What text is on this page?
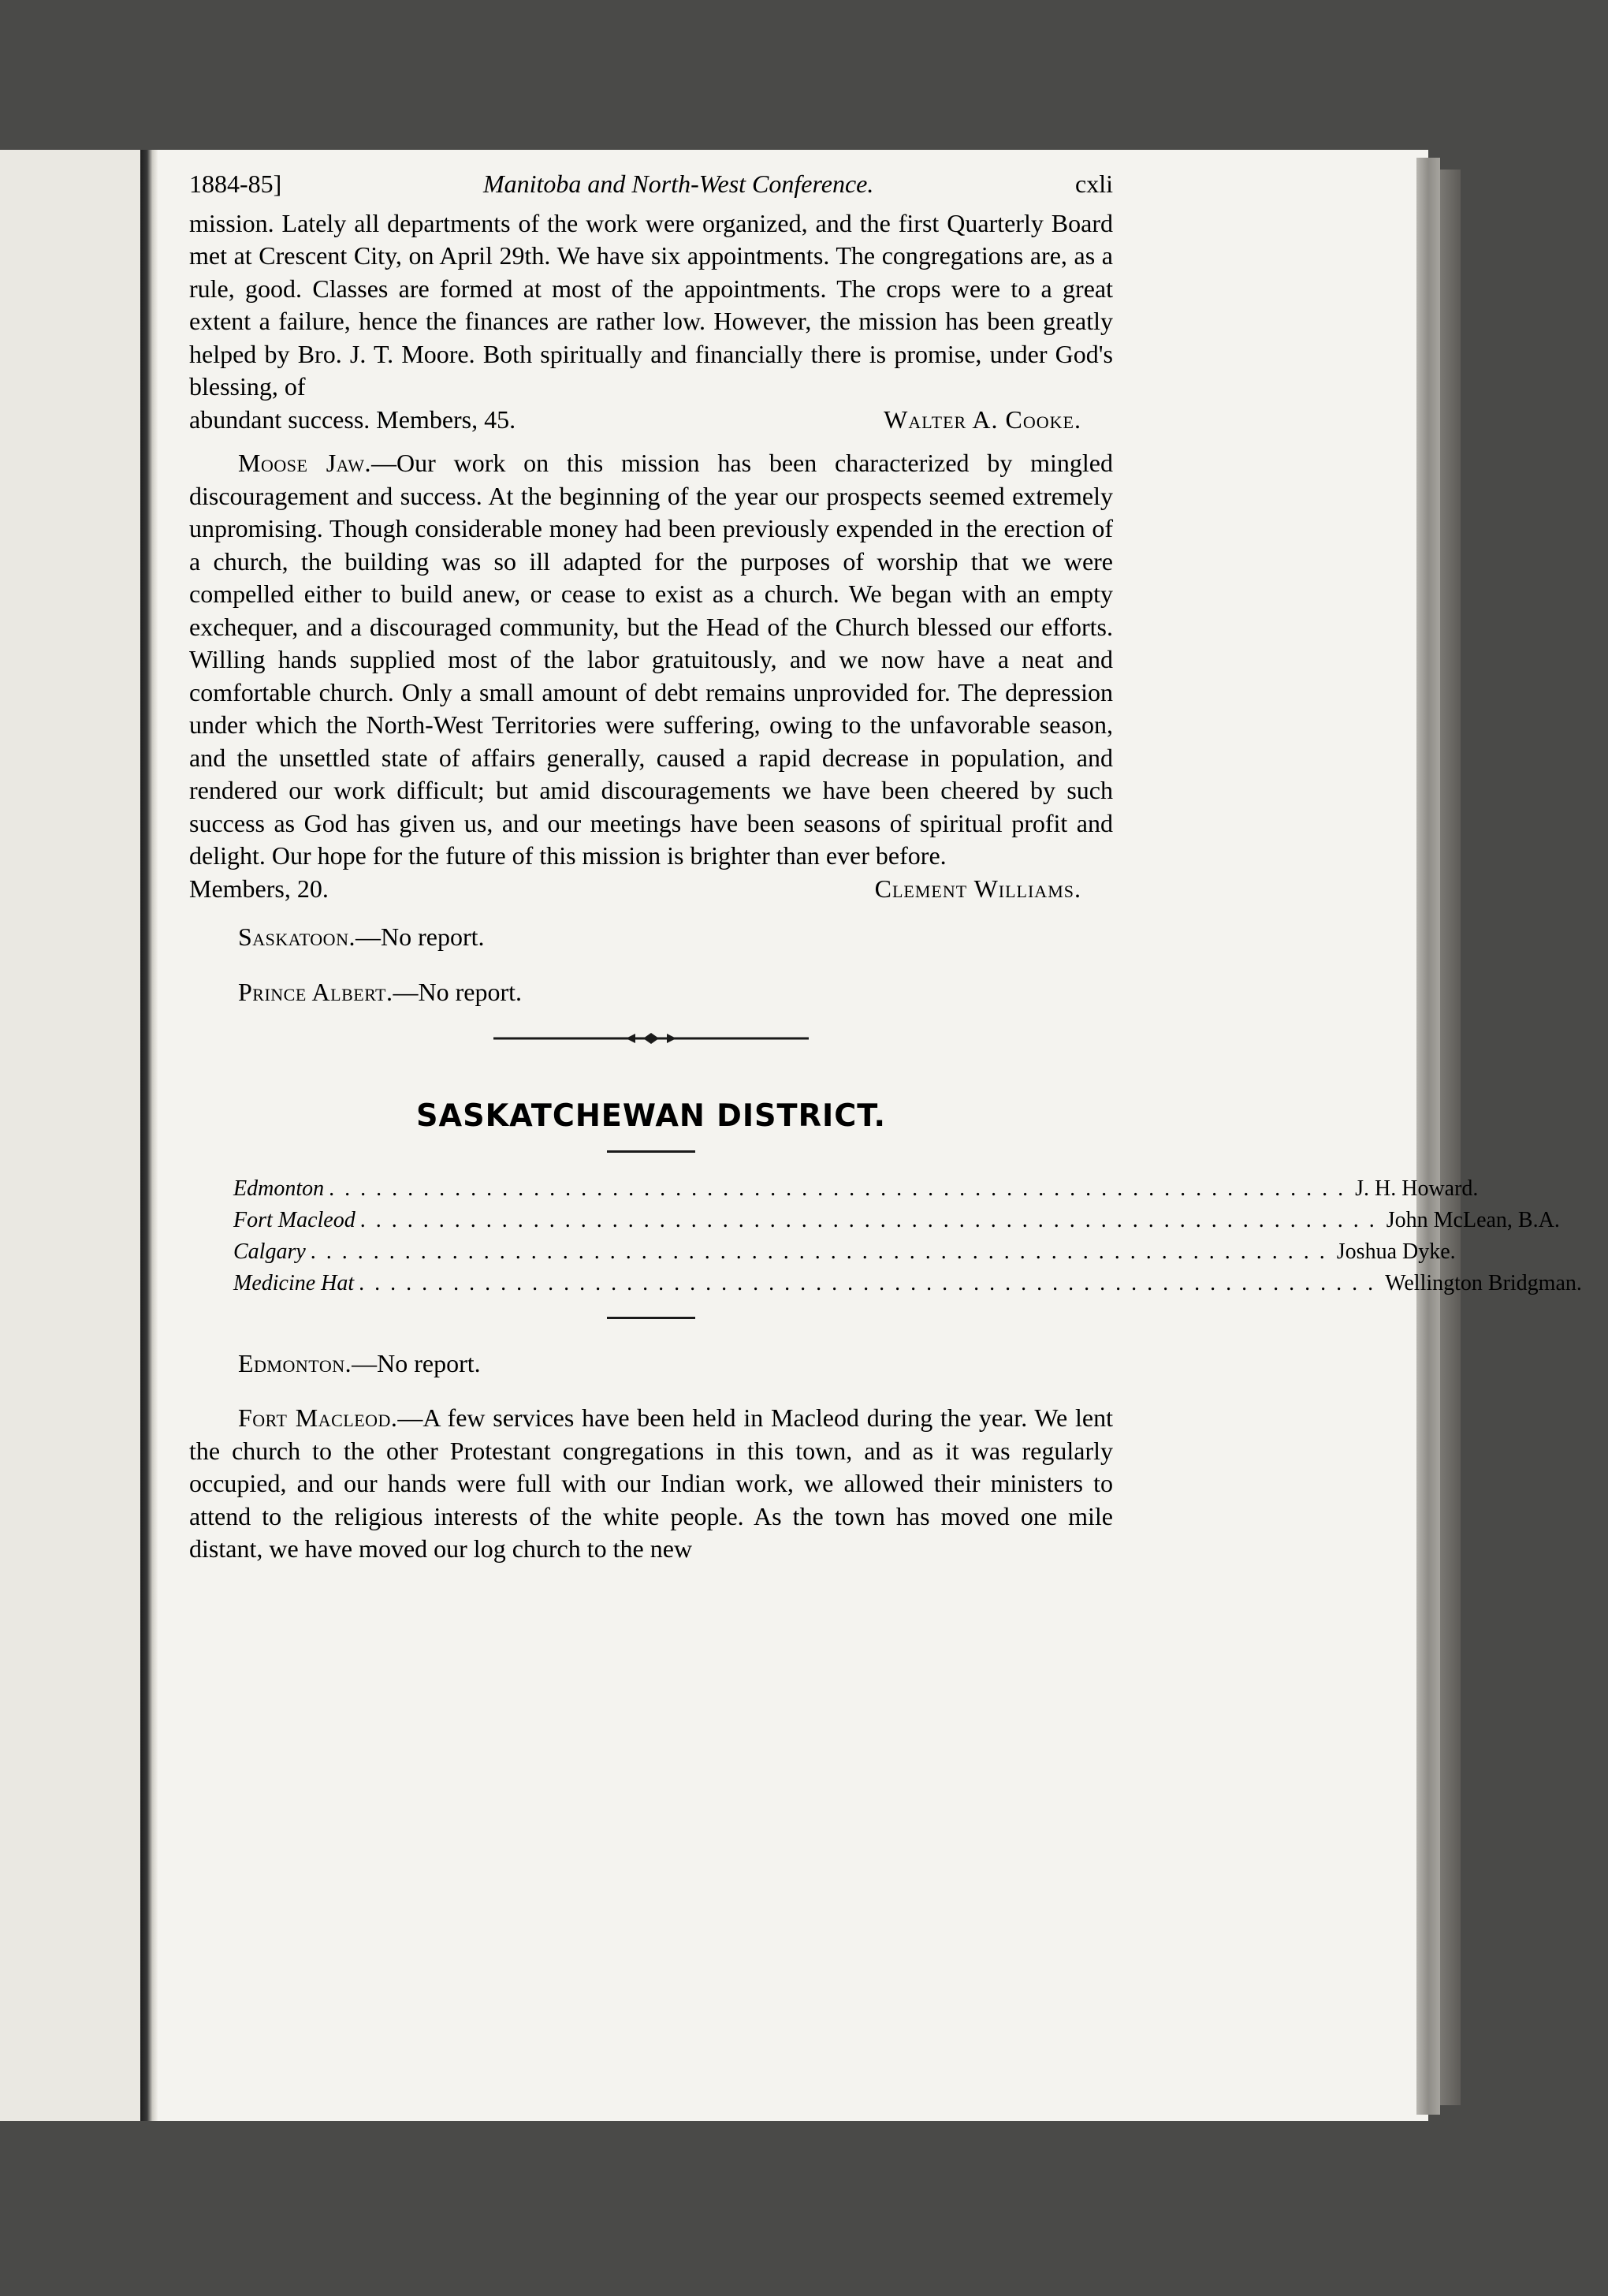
1884-85]	Manitoba and North-West Conference.	cxli
mission. Lately all departments of the work were organized, and the first Quarterly Board met at Crescent City, on April 29th. We have six appointments. The congregations are, as a rule, good. Classes are formed at most of the appointments. The crops were to a great extent a failure, hence the finances are rather low. However, the mission has been greatly helped by Bro. J. T. Moore. Both spiritually and financially there is promise, under God's blessing, of
abundant success. Members, 45.	Walter A. Cooke.
Moose Jaw.—Our work on this mission has been characterized by mingled discouragement and success. At the beginning of the year our prospects seemed extremely unpromising. Though considerable money had been previously expended in the erection of a church, the building was so ill adapted for the purposes of worship that we were compelled either to build anew, or cease to exist as a church. We began with an empty exchequer, and a discouraged community, but the Head of the Church blessed our efforts. Willing hands supplied most of the labor gratuitously, and we now have a neat and comfortable church. Only a small amount of debt remains unprovided for. The depression under which the North-West Territories were suffering, owing to the unfavorable season, and the unsettled state of affairs generally, caused a rapid decrease in population, and rendered our work difficult; but amid discouragements we have been cheered by such success as God has given us, and our meetings have been seasons of spiritual profit and delight. Our hope for the future of this mission is brighter than ever before.
Members, 20.	Clement Williams.
Saskatoon.—No report.
Prince Albert.—No report.
SASKATCHEWAN DISTRICT.
Edmonton . . . . . . . . . . . . . . . . . . . . . . . . . . . . . . . . . . . . . . . . . . . . . . . . . . . . . . . . . . . . . . . . . J. H. Howard.
Fort Macleod . . . . . . . . . . . . . . . . . . . . . . . . . . . . . . . . . . . . . . . . . . . . . . . . . . . . . . . . . . . . . . . . . John McLean, B.A.
Calgary . . . . . . . . . . . . . . . . . . . . . . . . . . . . . . . . . . . . . . . . . . . . . . . . . . . . . . . . . . . . . . . . . Joshua Dyke.
Medicine Hat . . . . . . . . . . . . . . . . . . . . . . . . . . . . . . . . . . . . . . . . . . . . . . . . . . . . . . . . . . . . . . . . . Wellington Bridgman.
Edmonton.—No report.
Fort Macleod.—A few services have been held in Macleod during the year. We lent the church to the other Protestant congregations in this town, and as it was regularly occupied, and our hands were full with our Indian work, we allowed their ministers to attend to the religious interests of the white people. As the town has moved one mile distant, we have moved our log church to the new
